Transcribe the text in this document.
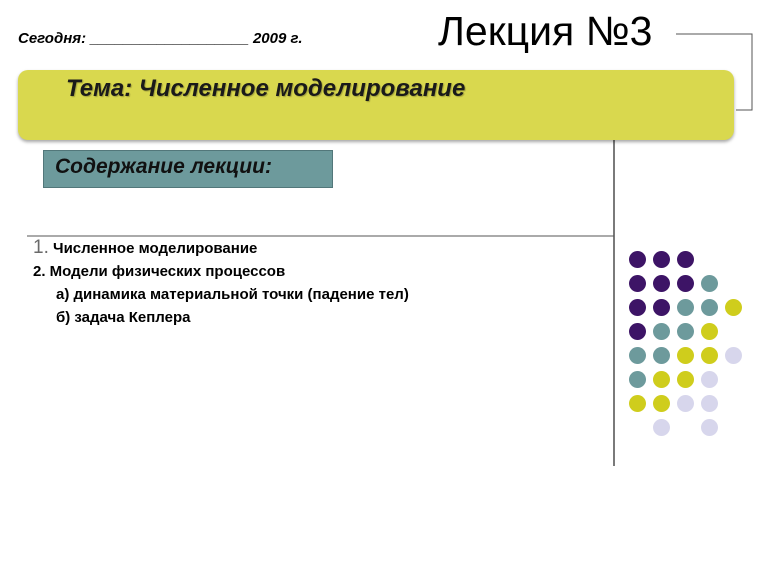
Сегодня: ___________________ 2009 г.	Лекция №3
Тема: Численное моделирование
Содержание лекции:
1. Численное моделирование
2. Модели физических процессов
а) динамика материальной точки (падение тел)
б) задача Кеплера
